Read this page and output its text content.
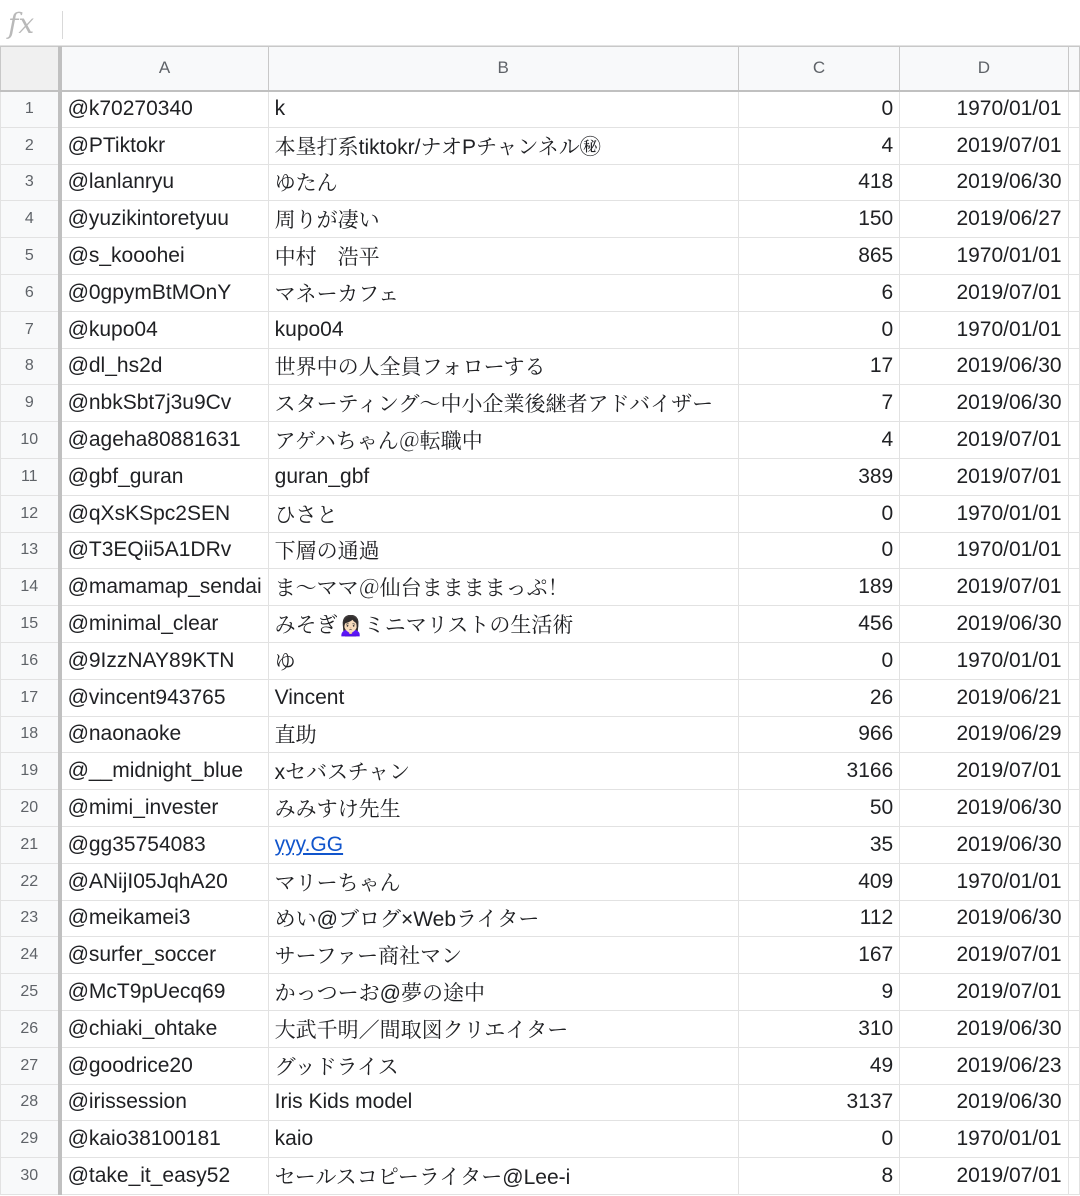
fx
	A	B	C	D	
1	@k70270340	k	0	1970/01/01	
2	@PTiktokr	本垦打系tiktokr/ナオPチャンネル㊙	4	2019/07/01	
3	@lanlanryu	ゆたん	418	2019/06/30	
4	@yuzikintoretyuu	周りが凄い	150	2019/06/27	
5	@s_kooohei	中村　浩平	865	1970/01/01	
6	@0gpymBtMOnY	マネーカフェ	6	2019/07/01	
7	@kupo04	kupo04	0	1970/01/01	
8	@dl_hs2d	世界中の人全員フォローする	17	2019/06/30	
9	@nbkSbt7j3u9Cv	スターティング〜中小企業後継者アドバイザー	7	2019/06/30	
10	@ageha80881631	アゲハちゃん＠転職中	4	2019/07/01	
11	@gbf_guran	guran_gbf	389	2019/07/01	
12	@qXsKSpc2SEN	ひさと	0	1970/01/01	
13	@T3EQii5A1DRv	下層の通過	0	1970/01/01	
14	@mamamap_sendai	ま〜ママ＠仙台ままままっぷ！	189	2019/07/01	
15	@minimal_clear	みそぎ🙍🏻‍♀️ミニマリストの生活術	456	2019/06/30	
16	@9IzzNAY89KTN	ゆ	0	1970/01/01	
17	@vincent943765	Vincent	26	2019/06/21	
18	@naonaoke	直助	966	2019/06/29	
19	@__midnight_blue	xセバスチャン	3166	2019/07/01	
20	@mimi_invester	みみすけ先生	50	2019/06/30	
21	@gg35754083	yyy.GG	35	2019/06/30	
22	@ANijI05JqhA20	マリーちゃん	409	1970/01/01	
23	@meikamei3	めい@ブログ×Webライター	112	2019/06/30	
24	@surfer_soccer	サーファー商社マン	167	2019/07/01	
25	@McT9pUecq69	かっつーお@夢の途中	9	2019/07/01	
26	@chiaki_ohtake	大武千明／間取図クリエイター	310	2019/06/30	
27	@goodrice20	グッドライス	49	2019/06/23	
28	@irissession	Iris Kids model	3137	2019/06/30	
29	@kaio38100181	kaio	0	1970/01/01	
30	@take_it_easy52	セールスコピーライター@Lee-i	8	2019/07/01	
